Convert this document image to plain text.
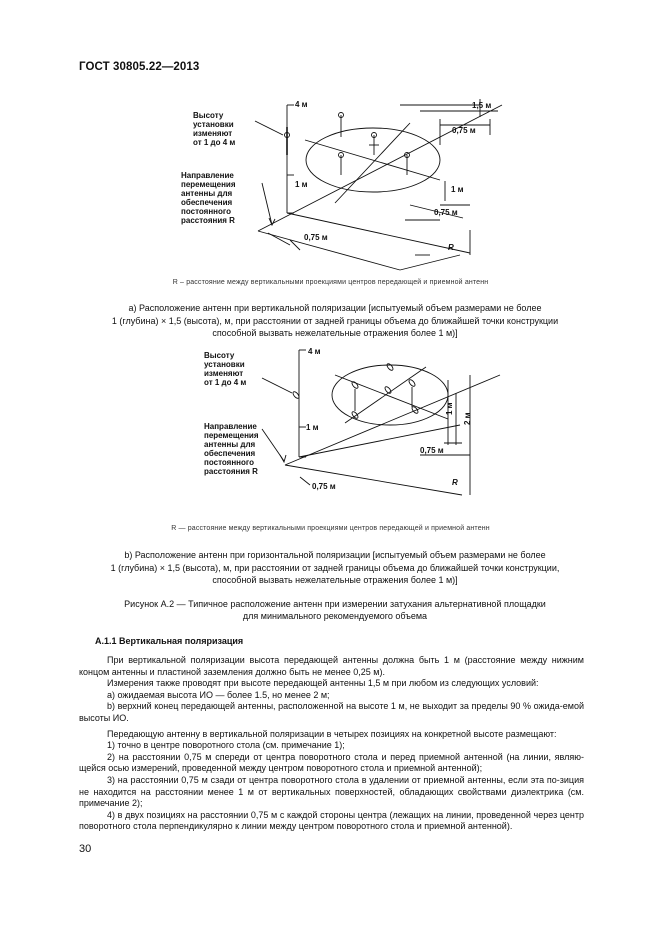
ГОСТ 30805.22—2013
Высоту
установки
изменяют
от 1 до 4 м
Направление
перемещения
антенны для
обеспечения
постоянного
расстояния R
4 м
1 м
1,5 м
0,75 м
1 м
0,75 м
0,75 м
R
R – расстояние между вертикальными проекциями центров передающей и приемной антенн
а) Расположение антенн при вертикальной поляризации [испытуемый объем размерами не более
1 (глубина) × 1,5 (высота), м, при расстоянии от задней границы объема до ближайшей точки конструкции
способной вызвать нежелательные отражения более 1 м)]
Высоту
установки
изменяют
от 1 до 4 м
Направление
перемещения
антенны для
обеспечения
постоянного
расстояния R
4 м
1 м
2 м
1 м
0,75 м
0,75 м	R
R — расстояние между вертикальными проекциями центров передающей и приемной антенн
b) Расположение антенн при горизонтальной поляризации [испытуемый объем размерами не более
1 (глубина) × 1,5 (высота), м, при расстоянии от задней границы объема до ближайшей точки конструкции,
способной вызвать нежелательные отражения более 1 м)]
Рисунок А.2 — Типичное расположение антенн при измерении затухания альтернативной площадки
для минимального рекомендуемого объема
А.1.1 Вертикальная поляризация

При вертикальной поляризации высота передающей антенны должна быть 1 м (расстояние между нижним концом антенны и пластиной заземления должно быть не менее 0,25 м).

Измерения также проводят при высоте передающей антенны 1,5 м при любом из следующих условий:

а) ожидаемая высота ИО — более 1.5, но менее 2 м;

b) верхний конец передающей антенны, расположенной на высоте 1 м, не выходит за пределы 90 % ожида-емой высоты ИО.

Передающую антенну в вертикальной поляризации в четырех позициях на конкретной высоте размещают:

1) точно в центре поворотного стола (см. примечание 1);

2) на расстоянии 0,75 м спереди от центра поворотного стола и перед приемной антенной (на линии, являю-щейся осью измерений, проведенной между центром поворотного стола и приемной антенной);

3) на расстоянии 0,75 м сзади от центра поворотного стола в удалении от приемной антенны, если эта по-зиция не находится на расстоянии менее 1 м от вертикальных поверхностей, обладающих свойствами диэлектрика (см. примечание 2);

4) в двух позициях на расстоянии 0,75 м с каждой стороны центра (лежащих на линии, проведенной через центр поворотного стола перпендикулярно к линии между центром поворотного стола и приемной антенной).

30
